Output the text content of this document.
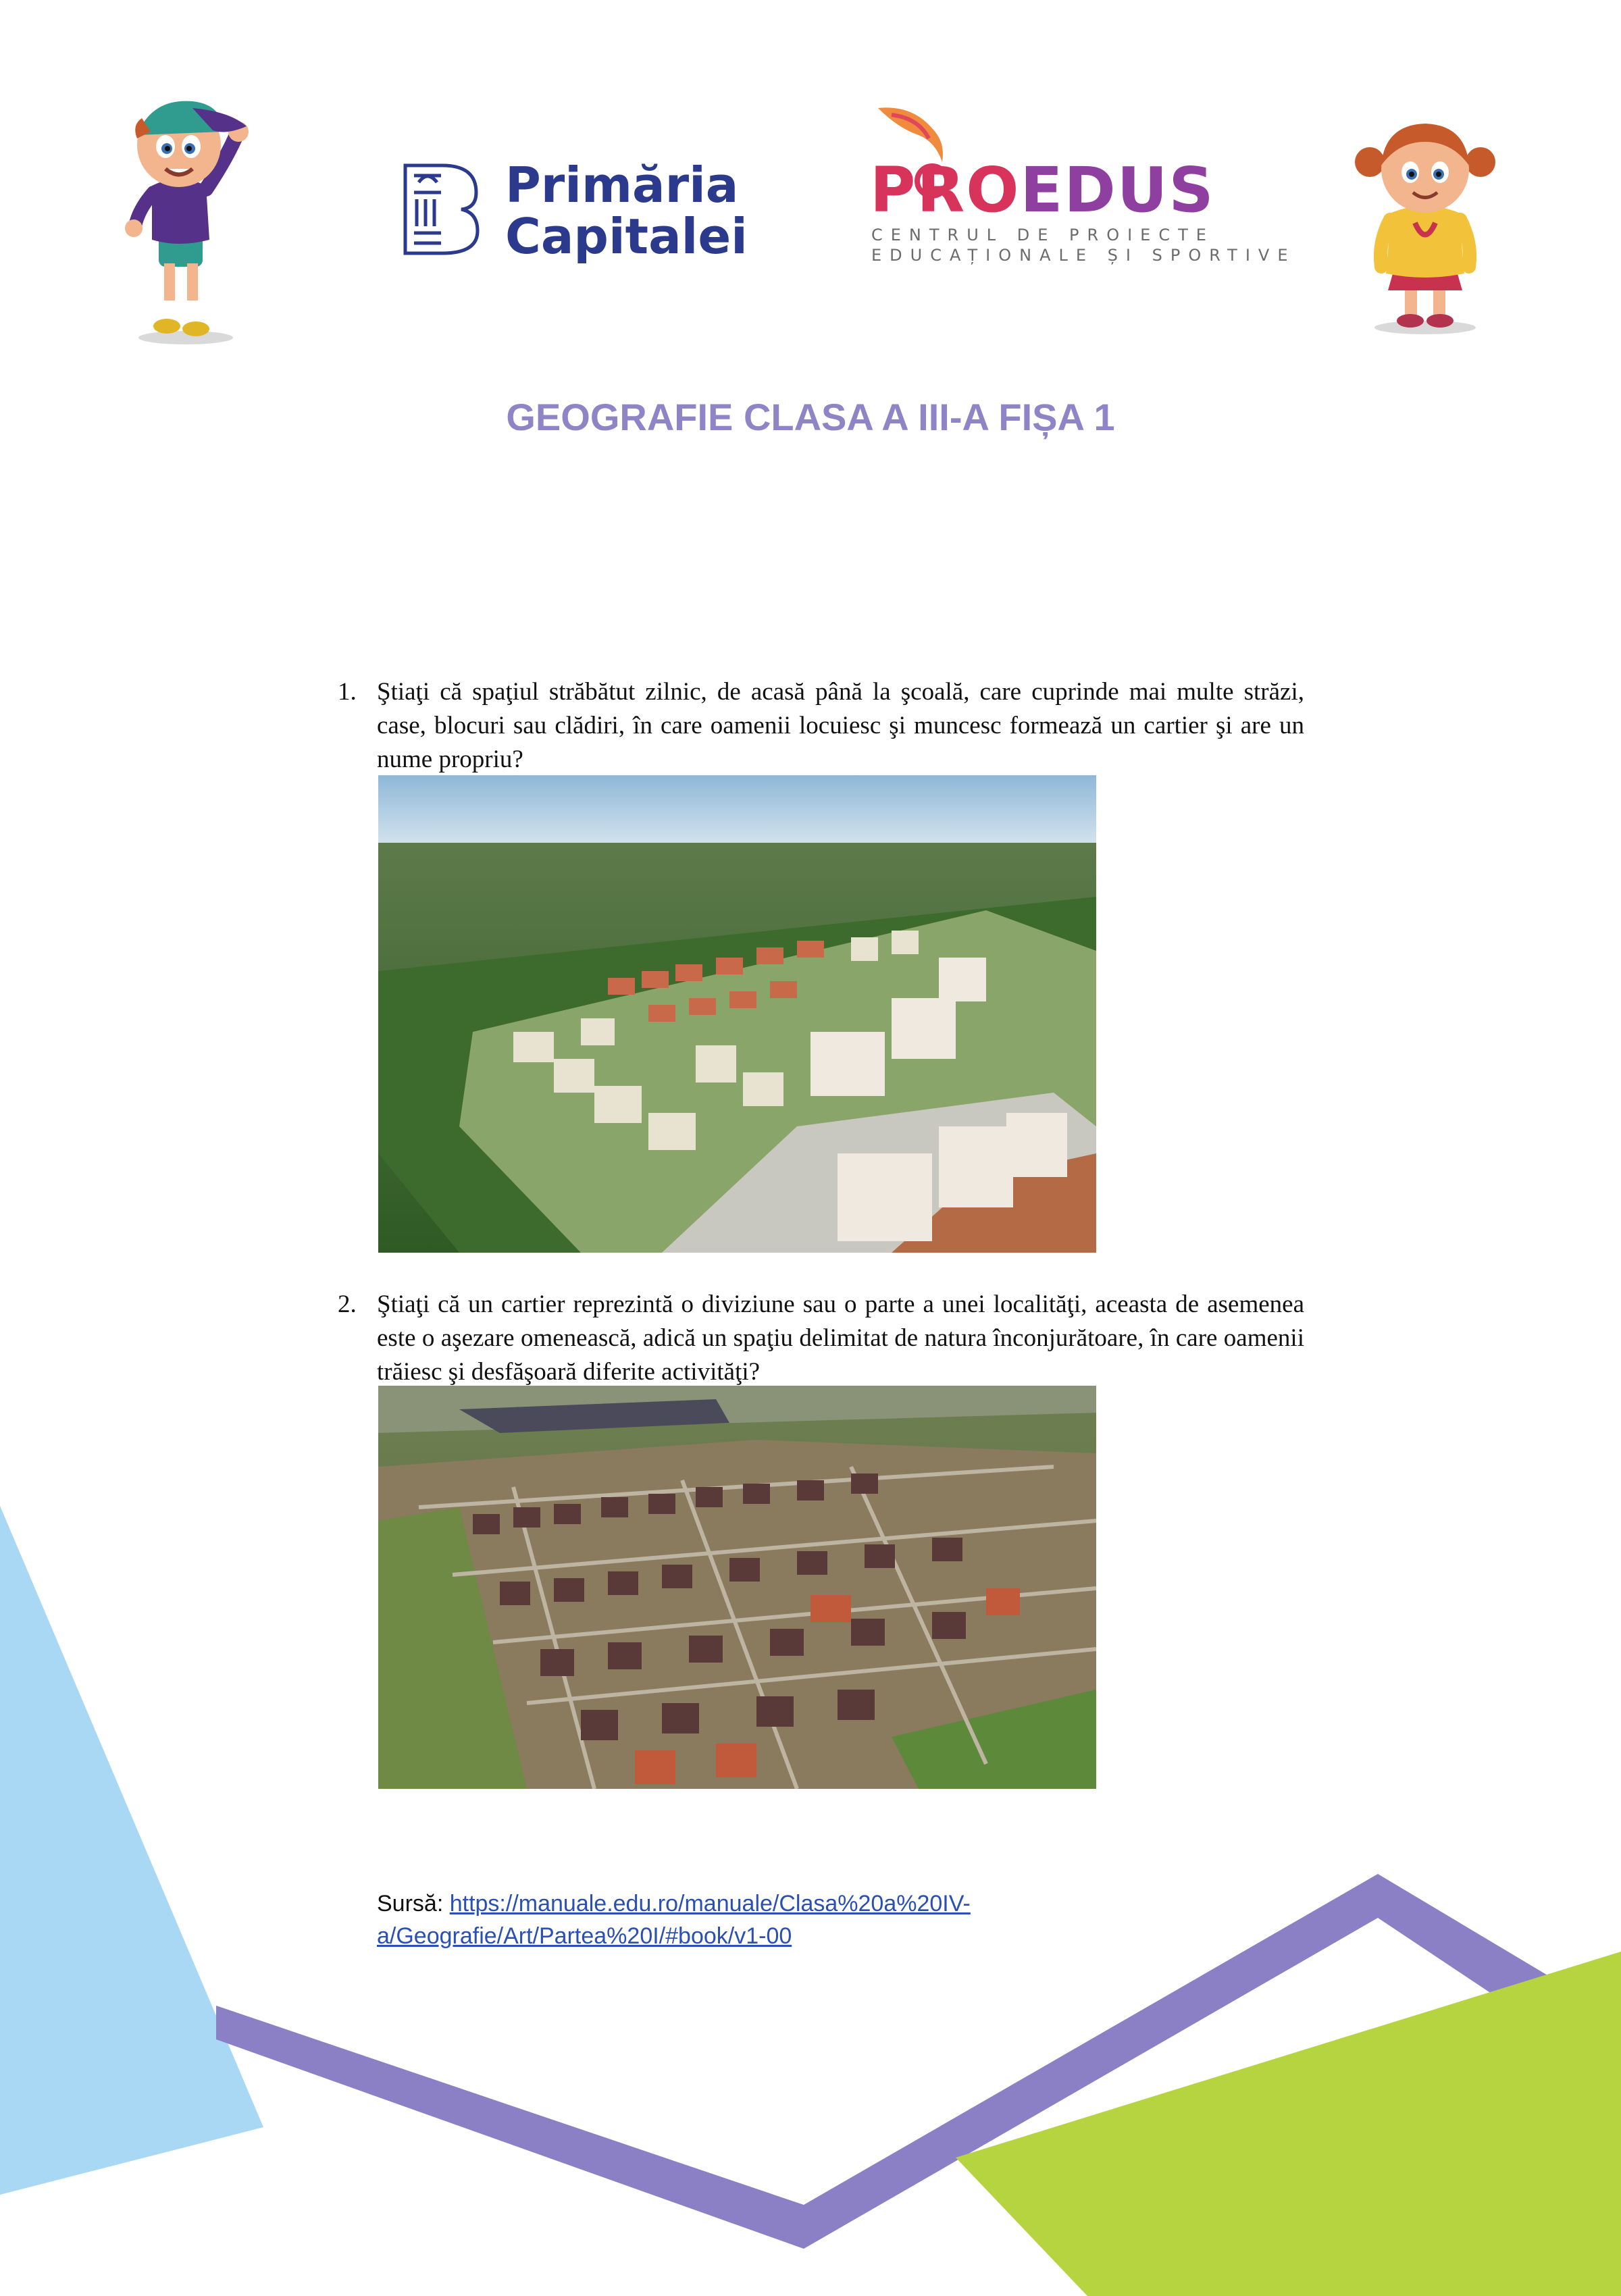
Primăria
Capitalei
PROEDUS
CENTRUL DE PROIECTE
EDUCAȚIONALE ȘI SPORTIVE
GEOGRAFIE CLASA A III-A FIȘA 1
1. Ştiaţi că spaţiul străbătut zilnic, de acasă până la şcoală, care cuprinde mai multe străzi, case, blocuri sau clădiri, în care oamenii locuiesc şi muncesc formează un cartier şi are un nume propriu?
2. Ştiaţi că un cartier reprezintă o diviziune sau o parte a unei localităţi, aceasta de asemenea este o aşezare omenească, adică un spaţiu delimitat de natura înconjurătoare, în care oamenii trăiesc şi desfăşoară diferite activităţi?
Sursă: https://manuale.edu.ro/manuale/Clasa%20a%20IV-
a/Geografie/Art/Partea%20I/#book/v1-00
